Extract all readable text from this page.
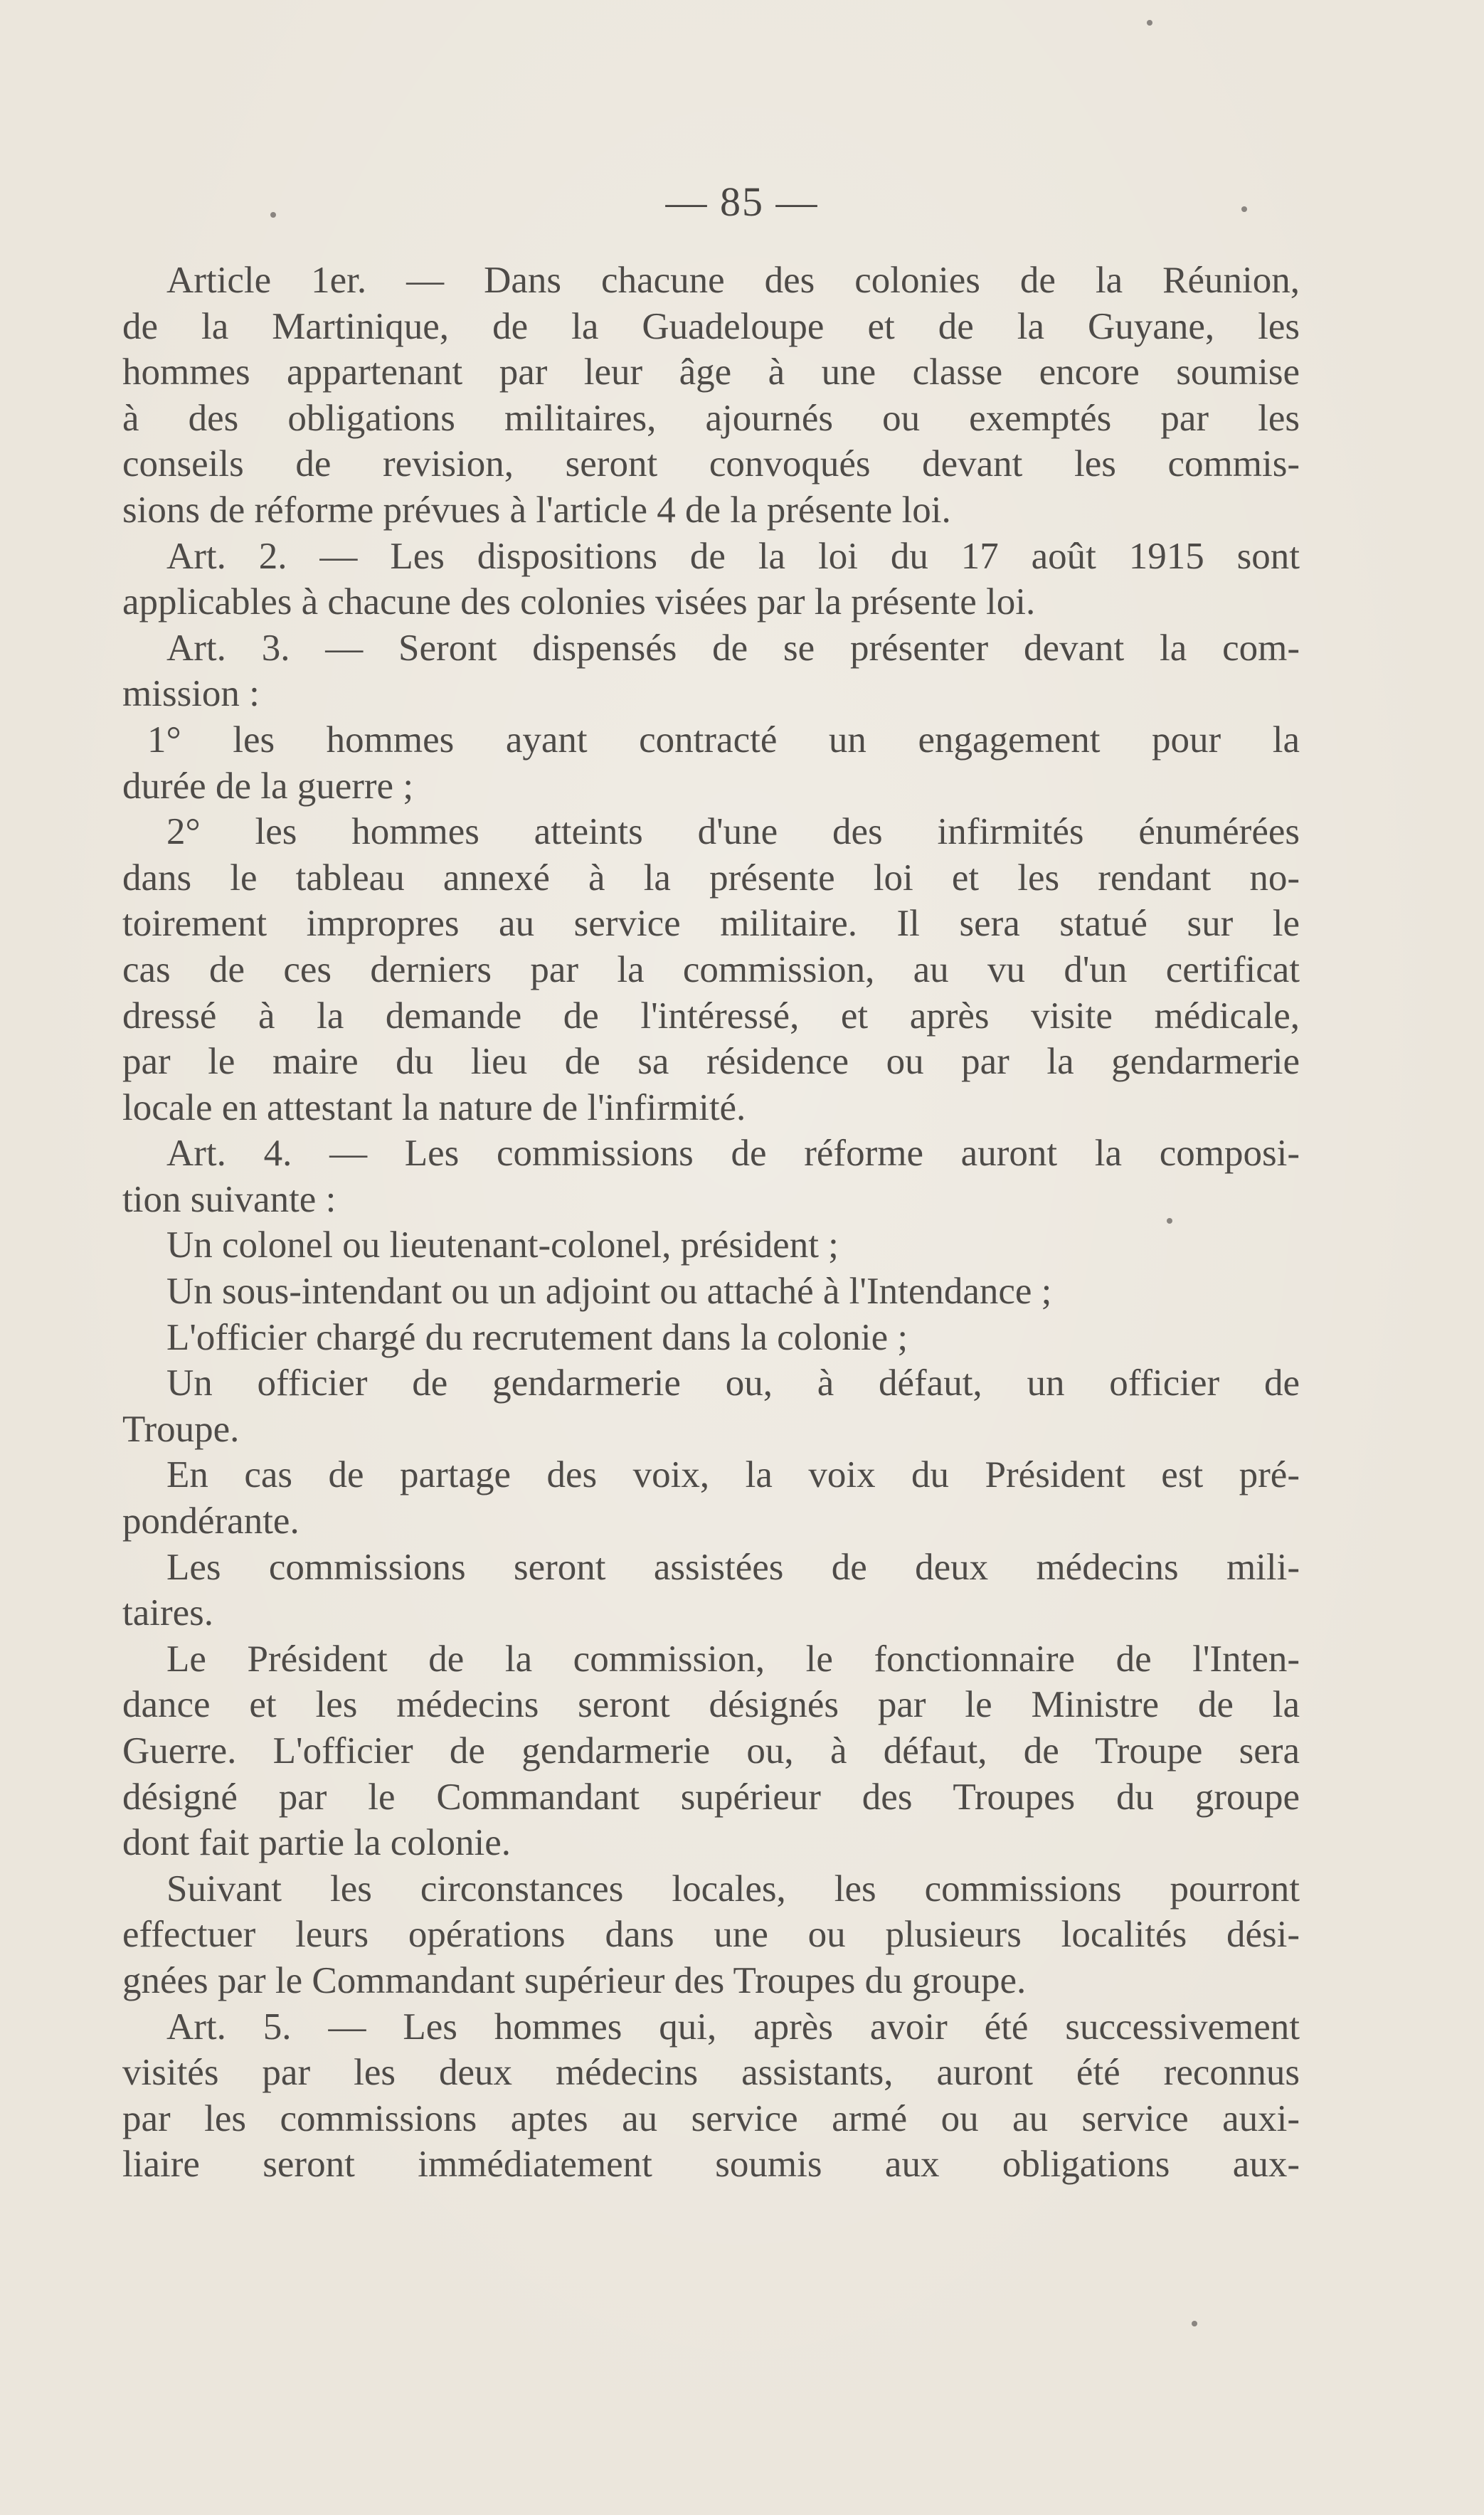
— 85 —
Article 1er. — Dans chacune des colonies de la Réunion,
de la Martinique, de la Guadeloupe et de la Guyane, les
hommes appartenant par leur âge à une classe encore soumise
à des obligations militaires, ajournés ou exemptés par les
conseils de revision, seront convoqués devant les commis-
sions de réforme prévues à l'article 4 de la présente loi.
Art. 2. — Les dispositions de la loi du 17 août 1915 sont
applicables à chacune des colonies visées par la présente loi.
Art. 3. — Seront dispensés de se présenter devant la com-
mission :
1° les hommes ayant contracté un engagement pour la
durée de la guerre ;
2° les hommes atteints d'une des infirmités énumérées
dans le tableau annexé à la présente loi et les rendant no-
toirement impropres au service militaire. Il sera statué sur le
cas de ces derniers par la commission, au vu d'un certificat
dressé à la demande de l'intéressé, et après visite médicale,
par le maire du lieu de sa résidence ou par la gendarmerie
locale en attestant la nature de l'infirmité.
Art. 4. — Les commissions de réforme auront la composi-
tion suivante :
Un colonel ou lieutenant-colonel, président ;
Un sous-intendant ou un adjoint ou attaché à l'Intendance ;
L'officier chargé du recrutement dans la colonie ;
Un officier de gendarmerie ou, à défaut, un officier de
Troupe.
En cas de partage des voix, la voix du Président est pré-
pondérante.
Les commissions seront assistées de deux médecins mili-
taires.
Le Président de la commission, le fonctionnaire de l'Inten-
dance et les médecins seront désignés par le Ministre de la
Guerre. L'officier de gendarmerie ou, à défaut, de Troupe sera
désigné par le Commandant supérieur des Troupes du groupe
dont fait partie la colonie.
Suivant les circonstances locales, les commissions pourront
effectuer leurs opérations dans une ou plusieurs localités dési-
gnées par le Commandant supérieur des Troupes du groupe.
Art. 5. — Les hommes qui, après avoir été successivement
visités par les deux médecins assistants, auront été reconnus
par les commissions aptes au service armé ou au service auxi-
liaire seront immédiatement soumis aux obligations aux-
